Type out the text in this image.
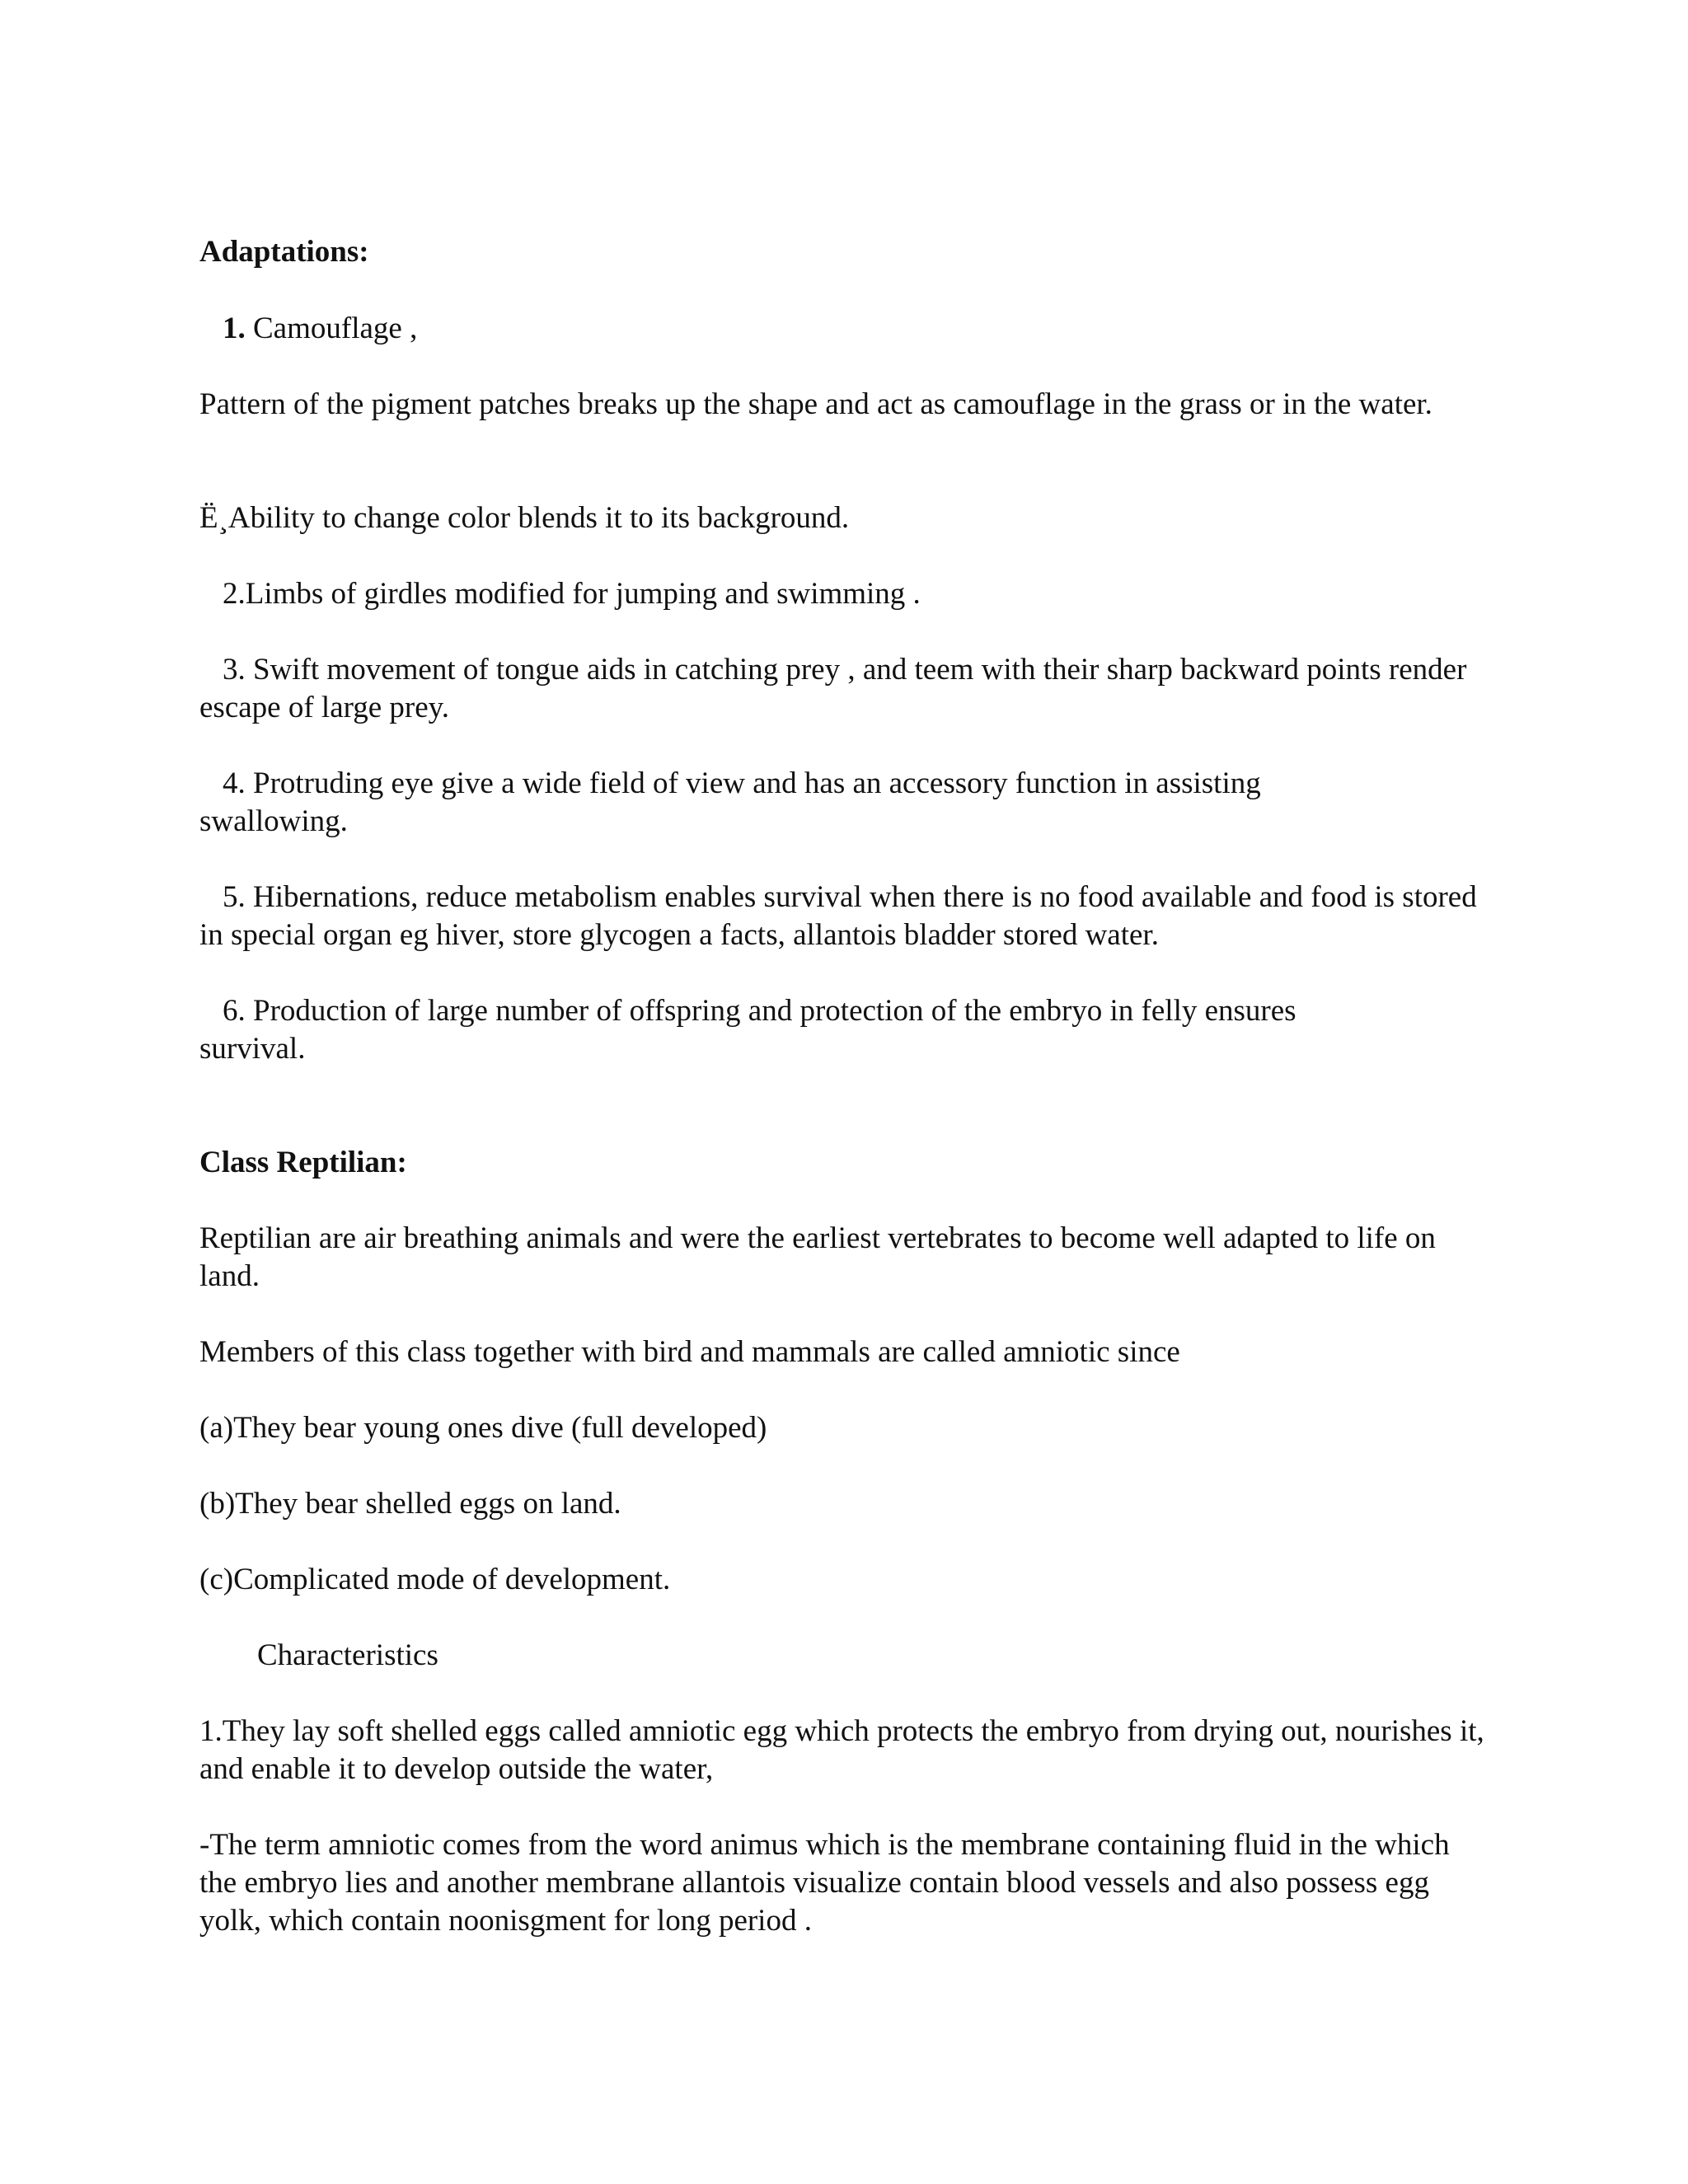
Adaptations:
1. Camouflage ,
Pattern of the pigment patches breaks up the shape and act as camouflage in the grass or in the water.
Ë¸Ability to change color blends it to its background.
2.Limbs of girdles modified for jumping and swimming .
3. Swift movement of tongue aids in catching prey , and teem with their sharp backward points render escape of large prey.
4. Protruding eye give a wide field of view and has an accessory function in assisting swallowing.
5. Hibernations, reduce metabolism enables survival when there is no food available and food is stored in special organ eg hiver, store glycogen a facts, allantois bladder stored water.
6. Production of large number of offspring and protection of the embryo in felly ensures survival.
Class Reptilian:
Reptilian are air breathing animals and were the earliest vertebrates to become well adapted to life on land.
Members of this class together with bird and mammals are called amniotic since
(a)They bear young ones dive (full developed)
(b)They bear shelled eggs on land.
(c)Complicated mode of development.
Characteristics
1.They lay soft shelled eggs called amniotic egg which protects the embryo from drying out, nourishes it, and enable it to develop outside the water,
-The term amniotic comes from the word animus which is the membrane containing fluid in the which the embryo lies and another membrane allantois visualize contain blood vessels and also possess egg yolk, which contain noonisgment for long period .
